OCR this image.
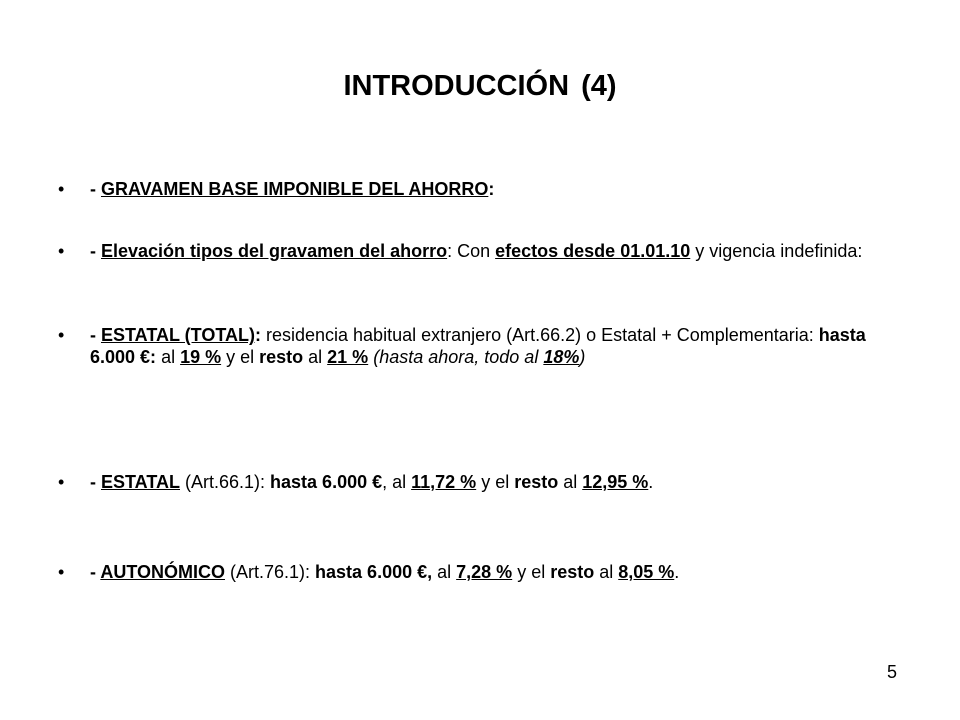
INTRODUCCIÓN (4)
• - GRAVAMEN BASE IMPONIBLE DEL AHORRO:
• - Elevación tipos del gravamen del ahorro: Con efectos desde 01.01.10 y vigencia indefinida:
• - ESTATAL (TOTAL): residencia habitual extranjero (Art.66.2) o Estatal + Complementaria: hasta 6.000 €: al 19 % y el resto al 21 % (hasta ahora, todo al 18%)
• - ESTATAL (Art.66.1): hasta 6.000 €, al 11,72 % y el resto al 12,95 %.
• - AUTONÓMICO (Art.76.1): hasta 6.000 €, al 7,28 % y el resto al 8,05 %.
5
